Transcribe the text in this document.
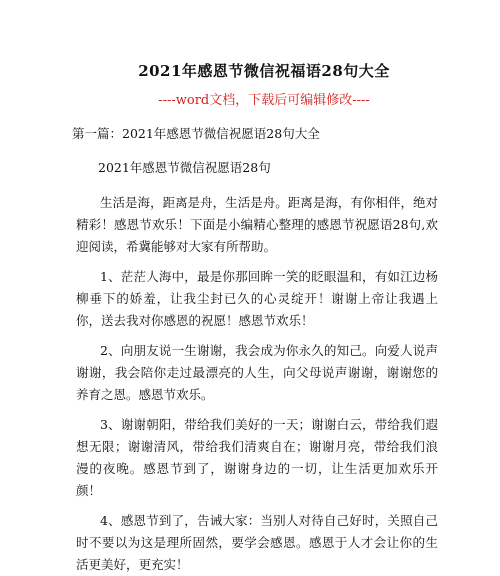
2021年感恩节微信祝福语28句大全
----word文档，下载后可编辑修改----
第一篇：2021年感恩节微信祝愿语28句大全
2021年感恩节微信祝愿语28句

生活是海，距离是舟，生活是舟。距离是海，有你相伴，绝对精彩！感恩节欢乐！下面是小编精心整理的感恩节祝愿语28句,欢迎阅读，希冀能够对大家有所帮助。

1、茫茫人海中，最是你那回眸一笑的眨眼温和，有如江边杨柳垂下的娇羞，让我尘封已久的心灵绽开！谢谢上帝让我遇上你，送去我对你感恩的祝愿！感恩节欢乐！

2、向朋友说一生谢谢，我会成为你永久的知己。向爱人说声谢谢，我会陪你走过最漂亮的人生，向父母说声谢谢，谢谢您的养育之恩。感恩节欢乐。

3、谢谢朝阳，带给我们美好的一天；谢谢白云，带给我们遐想无限；谢谢清风，带给我们清爽自在；谢谢月亮，带给我们浪漫的夜晚。感恩节到了，谢谢身边的一切，让生活更加欢乐开颜！

4、感恩节到了，告诫大家：当别人对待自己好时，关照自己时不要以为这是理所固然，要学会感恩。感恩于人才会让你的生活更美好，更充实！
